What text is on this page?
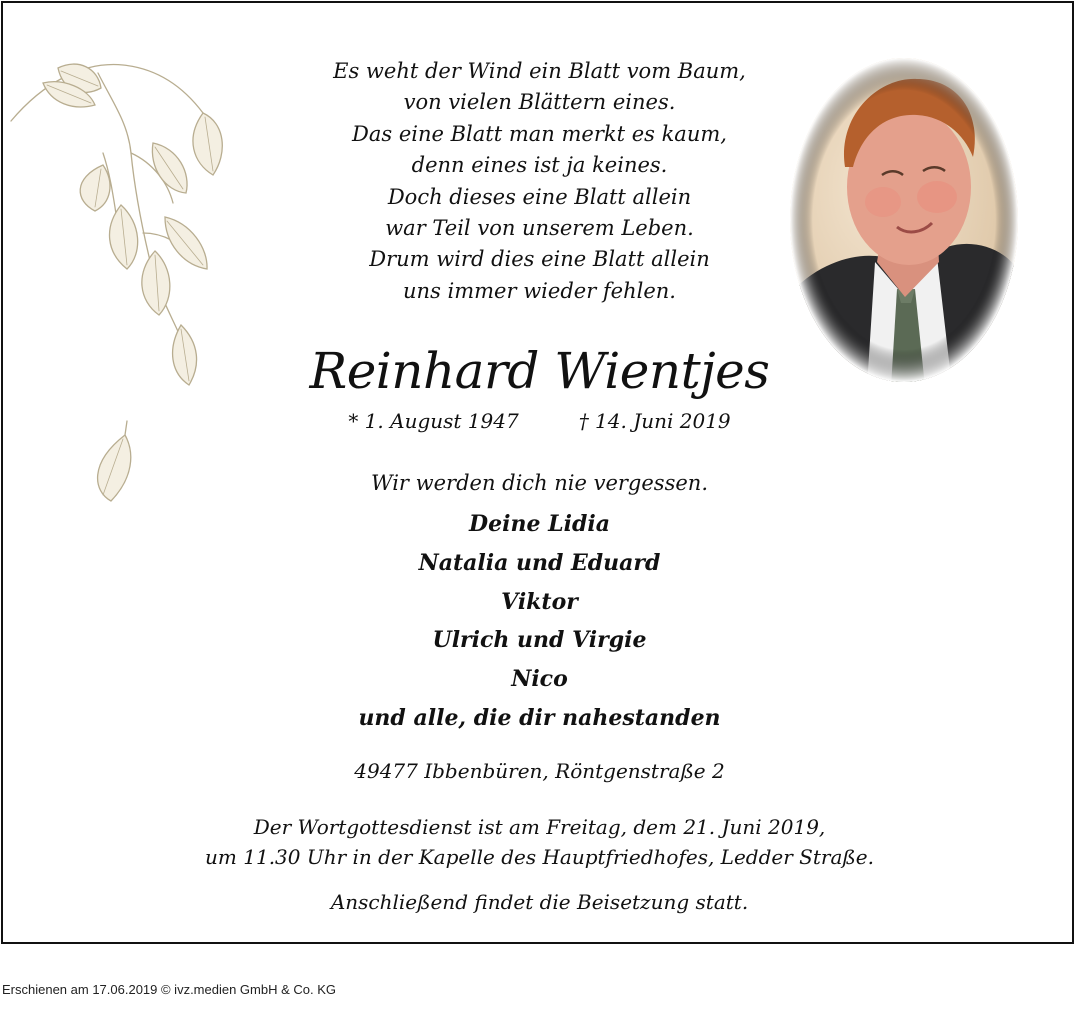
Es weht der Wind ein Blatt vom Baum,
von vielen Blättern eines.
Das eine Blatt man merkt es kaum,
denn eines ist ja keines.
Doch dieses eine Blatt allein
war Teil von unserem Leben.
Drum wird dies eine Blatt allein
uns immer wieder fehlen.
Reinhard Wientjes
* 1. August 1947	† 14. Juni 2019
Wir werden dich nie vergessen.
Deine Lidia
Natalia und Eduard
Viktor
Ulrich und Virgie
Nico
und alle, die dir nahestanden
49477 Ibbenbüren, Röntgenstraße 2
Der Wortgottesdienst ist am Freitag, dem 21. Juni 2019,
um 11.30 Uhr in der Kapelle des Hauptfriedhofes, Ledder Straße.
Anschließend findet die Beisetzung statt.
Erschienen am 17.06.2019 © ivz.medien GmbH & Co. KG
